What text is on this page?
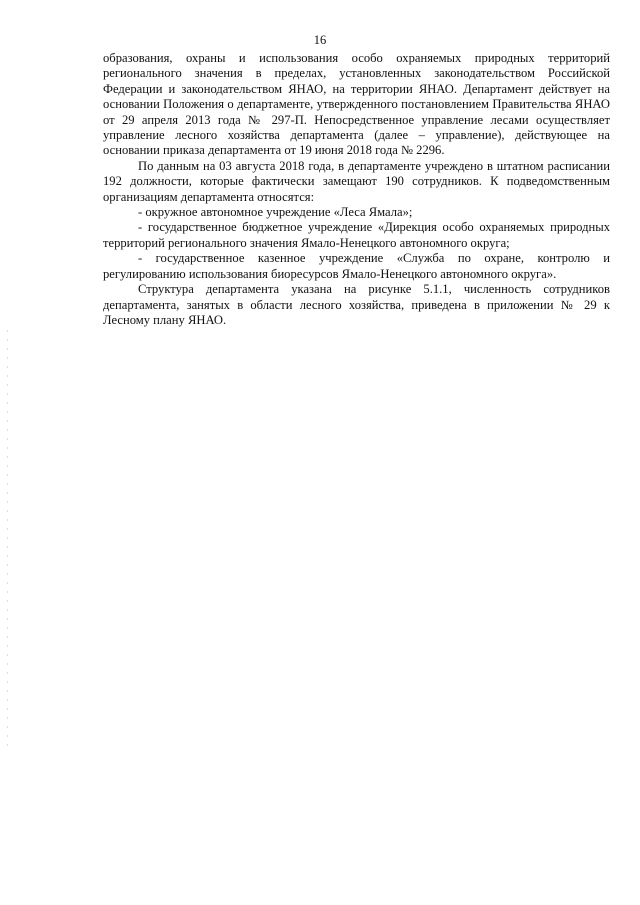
16

образования, охраны и использования особо охраняемых природных территорий регионального значения в пределах, установленных законодательством Российской Федерации и законодательством ЯНАО, на территории ЯНАО. Департамент действует на основании Положения о департаменте, утвержденного постановлением Правительства ЯНАО от 29 апреля 2013 года № 297-П. Непосредственное управление лесами осуществляет управление лесного хозяйства департамента (далее – управление), действующее на основании приказа департамента от 19 июня 2018 года № 2296.

По данным на 03 августа 2018 года, в департаменте учреждено в штатном расписании 192 должности, которые фактически замещают 190 сотрудников. К подведомственным организациям департамента относятся:

- окружное автономное учреждение «Леса Ямала»;

- государственное бюджетное учреждение «Дирекция особо охраняемых природных территорий регионального значения Ямало-Ненецкого автономного округа;

- государственное казенное учреждение «Служба по охране, контролю и регулированию использования биоресурсов Ямало-Ненецкого автономного округа».

Структура департамента указана на рисунке 5.1.1, численность сотрудников департамента, занятых в области лесного хозяйства, приведена в приложении № 29 к Лесному плану ЯНАО.
